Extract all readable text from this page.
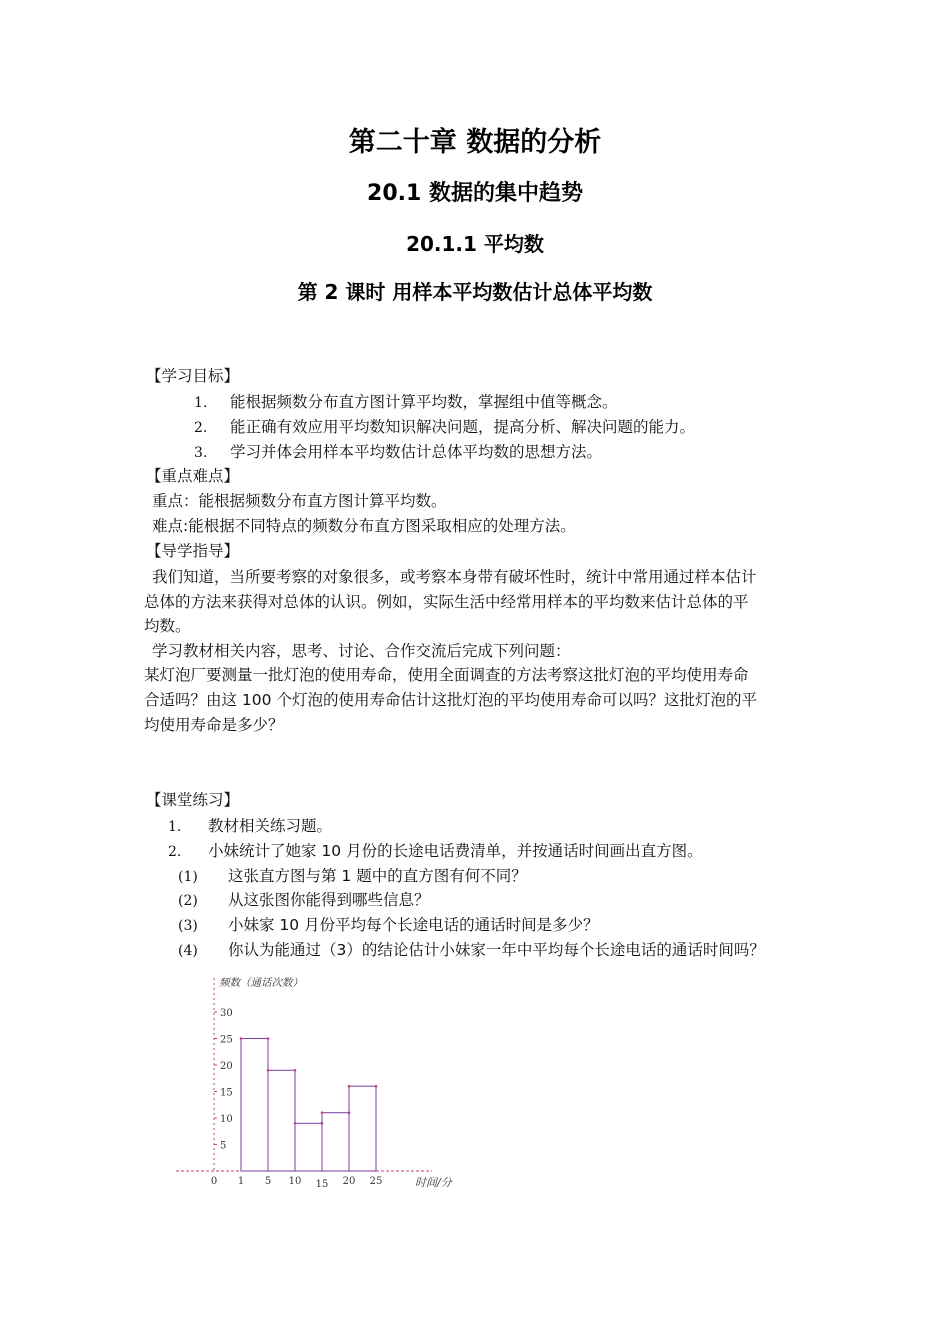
第二十章 数据的分析
20.1 数据的集中趋势
20.1.1 平均数
第 2 课时 用样本平均数估计总体平均数
【学习目标】
1. 能根据频数分布直方图计算平均数，掌握组中值等概念。
2. 能正确有效应用平均数知识解决问题，提高分析、解决问题的能力。
3. 学习并体会用样本平均数估计总体平均数的思想方法。
【重点难点】
重点：能根据频数分布直方图计算平均数。
难点:能根据不同特点的频数分布直方图采取相应的处理方法。
【导学指导】
我们知道，当所要考察的对象很多，或考察本身带有破坏性时，统计中常用通过样本估计
总体的方法来获得对总体的认识。例如，实际生活中经常用样本的平均数来估计总体的平
均数。
学习教材相关内容，思考、讨论、合作交流后完成下列问题：
某灯泡厂要测量一批灯泡的使用寿命，使用全面调查的方法考察这批灯泡的平均使用寿命
合适吗？由这 100 个灯泡的使用寿命估计这批灯泡的平均使用寿命可以吗？这批灯泡的平
均使用寿命是多少？
【课堂练习】
1. 教材相关练习题。
2. 小妹统计了她家 10 月份的长途电话费清单，并按通话时间画出直方图。
(1) 这张直方图与第 1 题中的直方图有何不同？
(2) 从这张图你能得到哪些信息？
(3) 小妹家 10 月份平均每个长途电话的通话时间是多少？
(4) 你认为能通过（3）的结论估计小妹家一年中平均每个长途电话的通话时间吗？
频数（通话次数）
时间/分
5
10
15
20
25
30
0 1 5 10 15 20 25
